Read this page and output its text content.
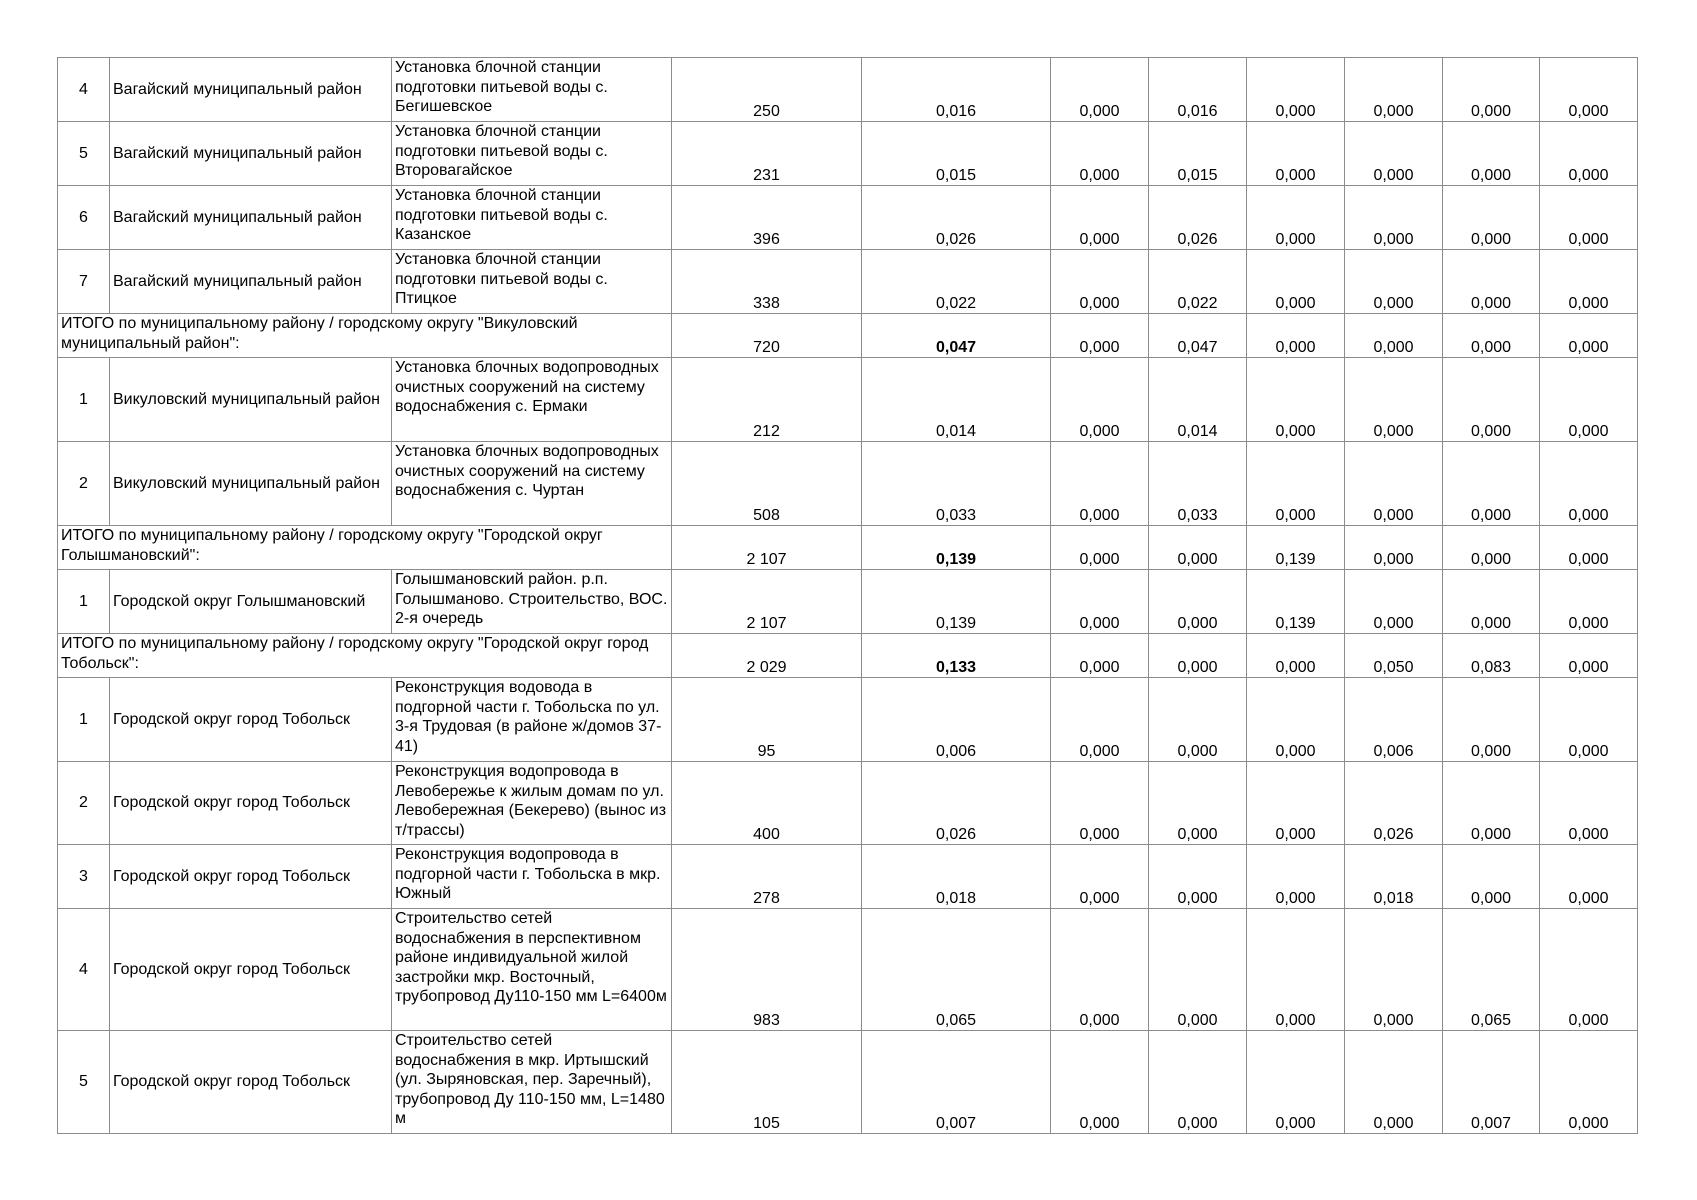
4	Вагайский муниципальный район	Установка блочной станции подготовки питьевой воды с. Бегишевское	250	0,016	0,000	0,016	0,000	0,000	0,000	0,000
5	Вагайский муниципальный район	Установка блочной станции подготовки питьевой воды с. Второвагайское	231	0,015	0,000	0,015	0,000	0,000	0,000	0,000
6	Вагайский муниципальный район	Установка блочной станции подготовки питьевой воды с. Казанское	396	0,026	0,000	0,026	0,000	0,000	0,000	0,000
7	Вагайский муниципальный район	Установка блочной станции подготовки питьевой воды с. Птицкое	338	0,022	0,000	0,022	0,000	0,000	0,000	0,000
ИТОГО по муниципальному району / городскому округу "Викуловский муниципальный район":			720	0,047	0,000	0,047	0,000	0,000	0,000	0,000
1	Викуловский муниципальный район	Установка блочных водопроводных очистных сооружений на систему водоснабжения с. Ермаки	212	0,014	0,000	0,014	0,000	0,000	0,000	0,000
2	Викуловский муниципальный район	Установка блочных водопроводных очистных сооружений на систему водоснабжения с. Чуртан	508	0,033	0,000	0,033	0,000	0,000	0,000	0,000
ИТОГО по муниципальному району / городскому округу "Городской округ Голышмановский":			2 107	0,139	0,000	0,000	0,139	0,000	0,000	0,000
1	Городской округ Голышмановский	Голышмановский район. р.п. Голышманово. Строительство, ВОС. 2-я очередь	2 107	0,139	0,000	0,000	0,139	0,000	0,000	0,000
ИТОГО по муниципальному району / городскому округу "Городской округ город Тобольск":			2 029	0,133	0,000	0,000	0,000	0,050	0,083	0,000
1	Городской округ город Тобольск	Реконструкция водовода в подгорной части г. Тобольска по ул. 3-я Трудовая (в районе ж/домов 37-41)	95	0,006	0,000	0,000	0,000	0,006	0,000	0,000
2	Городской округ город Тобольск	Реконструкция водопровода в Левобережье к жилым домам по ул. Левобережная (Бекерево) (вынос из т/трассы)	400	0,026	0,000	0,000	0,000	0,026	0,000	0,000
3	Городской округ город Тобольск	Реконструкция водопровода в подгорной части г. Тобольска в мкр. Южный	278	0,018	0,000	0,000	0,000	0,018	0,000	0,000
4	Городской округ город Тобольск	Строительство сетей водоснабжения в перспективном районе индивидуальной жилой застройки мкр. Восточный, трубопровод Ду110-150 мм L=6400м	983	0,065	0,000	0,000	0,000	0,000	0,065	0,000
5	Городской округ город Тобольск	Строительство сетей водоснабжения в мкр. Иртышский (ул. Зыряновская, пер. Заречный), трубопровод Ду 110-150 мм, L=1480 м	105	0,007	0,000	0,000	0,000	0,000	0,007	0,000
